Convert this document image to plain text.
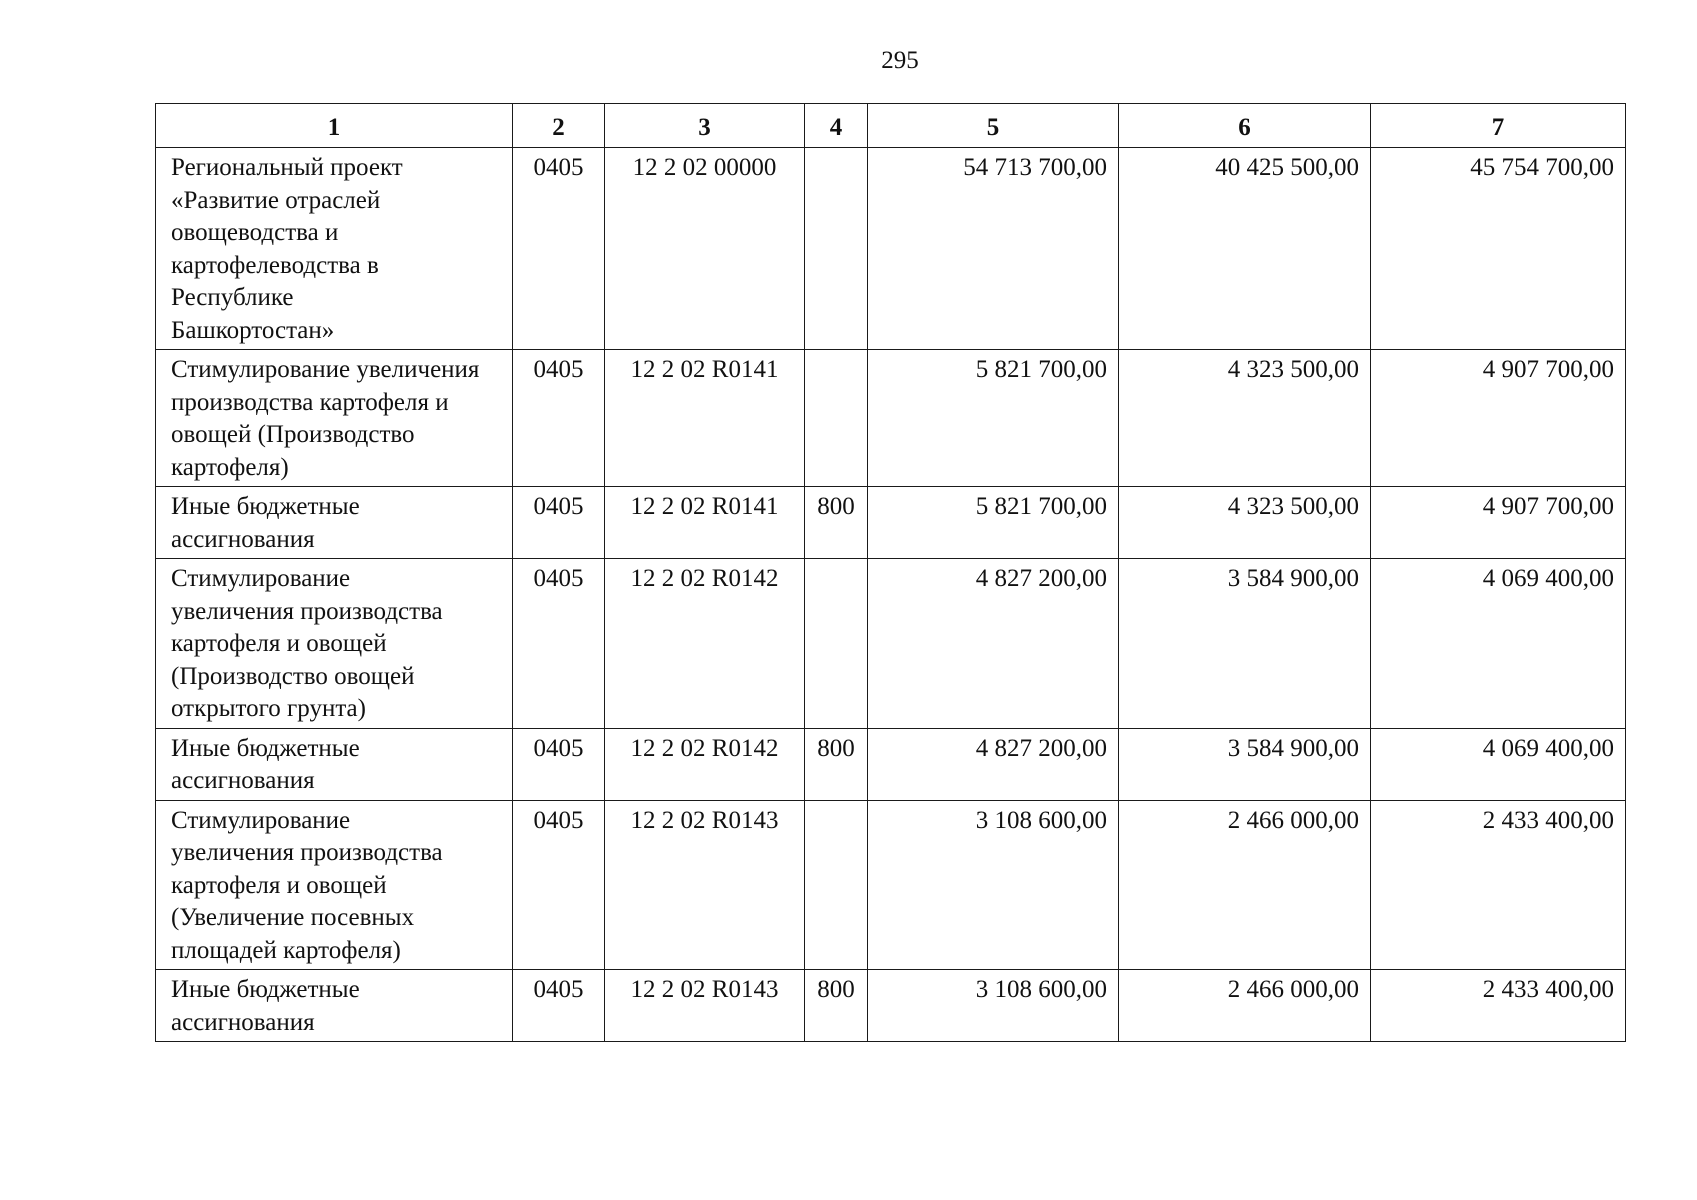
295
1	2	3	4	5	6	7

Региональный проект «Развитие отраслей овощеводства и картофелеводства в Республике Башкортостан»	0405	12 2 02 00000		54 713 700,00	40 425 500,00	45 754 700,00

Стимулирование увеличения производства картофеля и овощей (Производство картофеля)	0405	12 2 02 R0141		5 821 700,00	4 323 500,00	4 907 700,00

Иные бюджетные ассигнования	0405	12 2 02 R0141	800	5 821 700,00	4 323 500,00	4 907 700,00

Стимулирование увеличения производства картофеля и овощей (Производство овощей открытого грунта)	0405	12 2 02 R0142		4 827 200,00	3 584 900,00	4 069 400,00

Иные бюджетные ассигнования	0405	12 2 02 R0142	800	4 827 200,00	3 584 900,00	4 069 400,00

Стимулирование увеличения производства картофеля и овощей (Увеличение посевных площадей картофеля)	0405	12 2 02 R0143		3 108 600,00	2 466 000,00	2 433 400,00

Иные бюджетные ассигнования	0405	12 2 02 R0143	800	3 108 600,00	2 466 000,00	2 433 400,00
